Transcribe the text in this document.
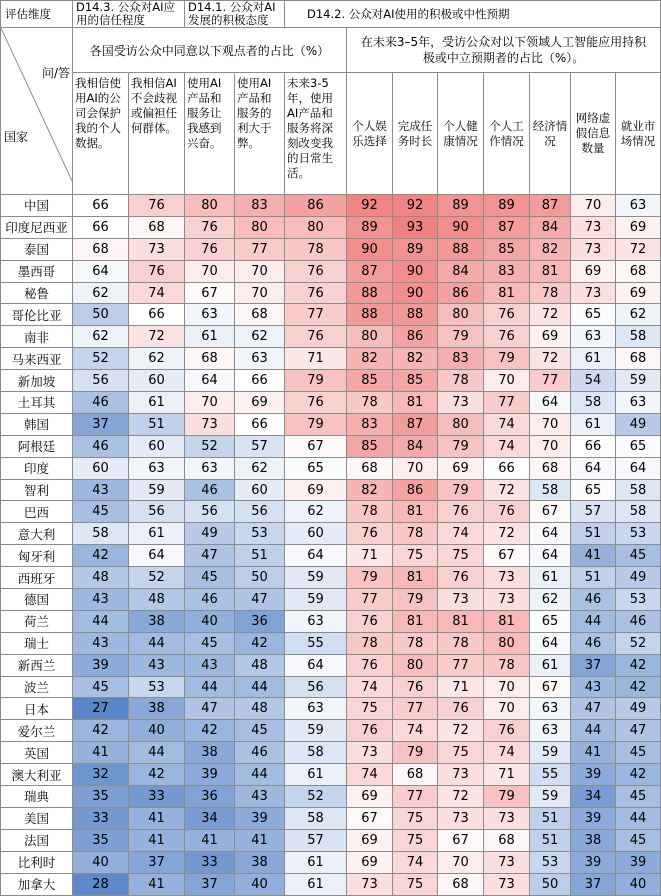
评估维度	D14.3. 公众对AI应用的信任程度		D14.1. 公众对AI发展的积极态度		D14.2. 公众对AI使用的积极或中性预期							

问/答
国家	各国受访公众中同意以下观点者的占比（%）					在未来3–5年，受访公众对以下领域人工智能应用持积极或中立预期者的占比（%）。						
	我相信使用AI的公司会保护我的个人数据。	我相信AI不会歧视或偏袒任何群体。	使用AI产品和服务让我感到兴奋。	使用AI产品和服务的利大于弊。	未来3-5年，使用AI产品和服务将深刻改变我的日常生活。	个人娱乐选择	完成任务时长	个人健康情况	个人工作情况	经济情况	网络虚假信息数量	就业市场情况
中国	66	76	80	83	86	92	92	89	89	87	70	63
印度尼西亚	66	68	76	80	80	89	93	90	87	84	73	69
泰国	68	73	76	77	78	90	89	88	85	82	73	72
墨西哥	64	76	70	70	76	87	90	84	83	81	69	68
秘鲁	62	74	67	70	76	88	90	86	81	78	73	69
哥伦比亚	50	66	63	68	77	88	88	80	76	72	65	62
南非	62	72	61	62	76	80	86	79	76	69	63	58
马来西亚	52	62	68	63	71	82	82	83	79	72	61	68
新加坡	56	60	64	66	79	85	85	78	70	77	54	59
土耳其	46	61	70	69	76	78	81	73	77	64	58	63
韩国	37	51	73	66	79	83	87	80	74	70	61	49
阿根廷	46	60	52	57	67	85	84	79	74	70	66	65
印度	60	63	63	62	65	68	70	69	66	68	64	64
智利	43	59	46	60	69	82	86	79	72	58	65	58
巴西	45	56	56	56	62	78	81	76	76	67	57	58
意大利	58	61	49	53	60	76	78	74	72	64	51	53
匈牙利	42	64	47	51	64	71	75	75	67	64	41	45
西班牙	48	52	45	50	59	79	81	76	73	61	51	49
德国	43	48	46	47	59	77	79	73	73	62	46	53
荷兰	44	38	40	36	63	76	81	81	81	65	44	46
瑞士	43	44	45	42	55	78	78	78	80	64	46	52
新西兰	39	43	43	48	64	76	80	77	78	61	37	42
波兰	45	53	44	44	56	74	76	71	70	67	43	42
日本	27	38	47	48	63	75	77	76	70	63	47	49
爱尔兰	42	40	42	45	59	76	74	72	76	63	44	47
英国	41	44	38	46	58	73	79	75	74	59	41	45
澳大利亚	32	42	39	44	61	74	68	73	71	55	39	42
瑞典	35	33	36	43	52	69	77	72	79	59	34	45
美国	33	41	34	39	58	67	75	73	73	51	39	44
法国	35	41	41	41	57	69	75	67	68	51	38	45
比利时	40	37	33	38	61	69	74	70	73	53	39	39
加拿大	28	41	37	40	61	73	75	68	73	50	37	40
